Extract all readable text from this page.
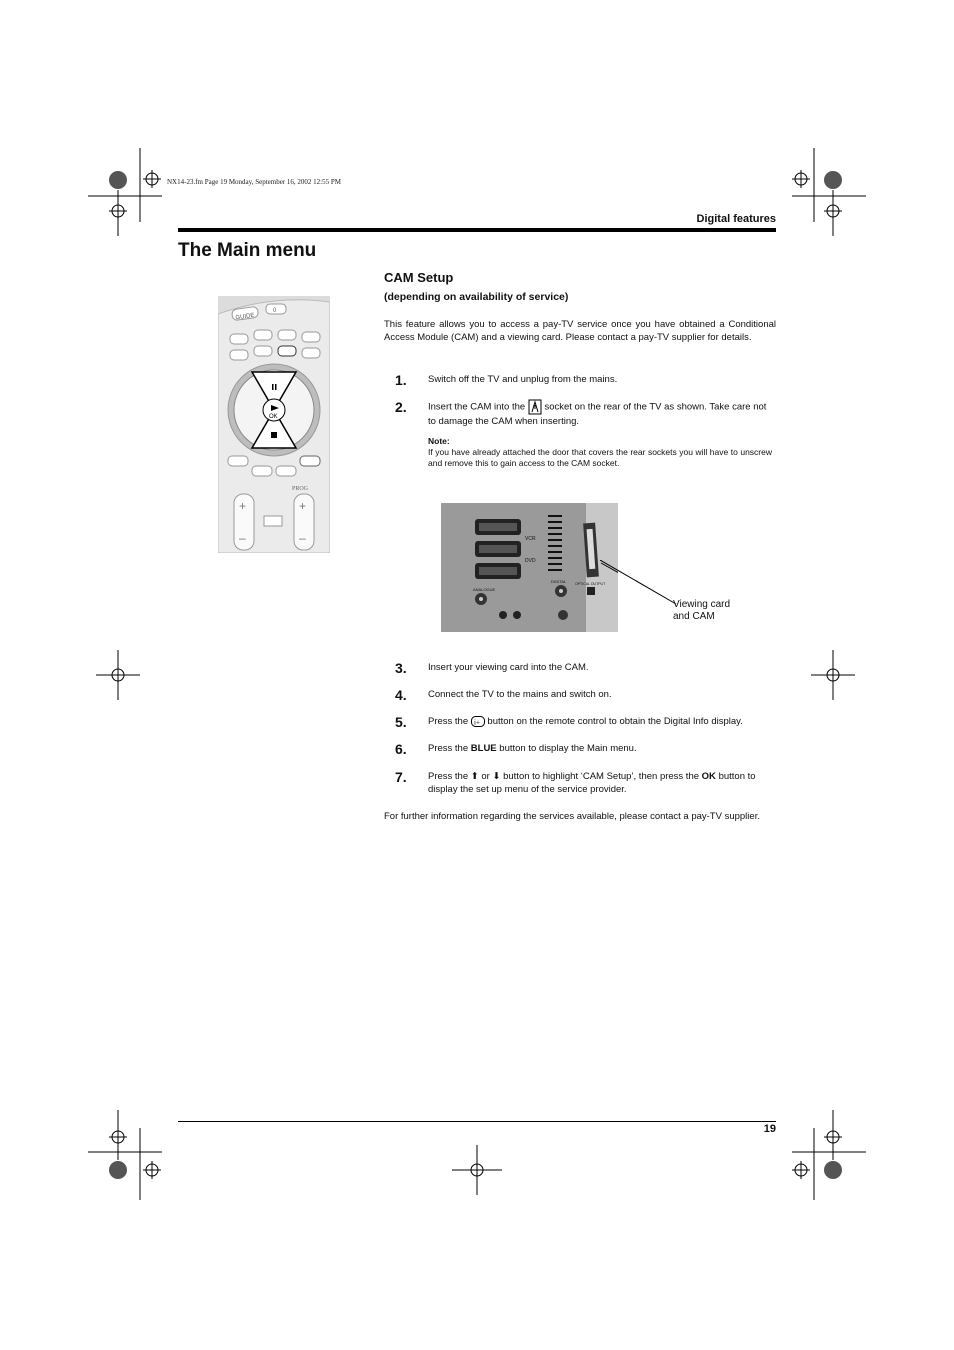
NX14-23.fm Page 19 Monday, September 16, 2002 12:55 PM
Digital features
The Main menu
GUIDE
0
OK
+
–
+
–
PROG
CAM Setup
(depending on availability of service)
This feature allows you to access a pay-TV service once you have obtained a Conditional Access Module (CAM) and a viewing card. Please contact a pay-TV supplier for details.
1. Switch off the TV and unplug from the mains.
2. Insert the CAM into the socket on the rear of the TV as shown. Take care not to damage the CAM when inserting.
Note:
If you have already attached the door that covers the rear sockets you will have to unscrew and remove this to gain access to the CAM socket.
VCR
DVD
ANALOGUE
DIGITAL OPTICAL OUTPUT
Viewing card
and CAM
3. Insert your viewing card into the CAM.
4. Connect the TV to the mains and switch on.
5. Press the i+ button on the remote control to obtain the Digital Info display.
6. Press the BLUE button to display the Main menu.
7. Press the ⬆ or ⬇ button to highlight ‘CAM Setup’, then press the OK button to display the set up menu of the service provider.
For further information regarding the services available, please contact a pay-TV supplier.
19
